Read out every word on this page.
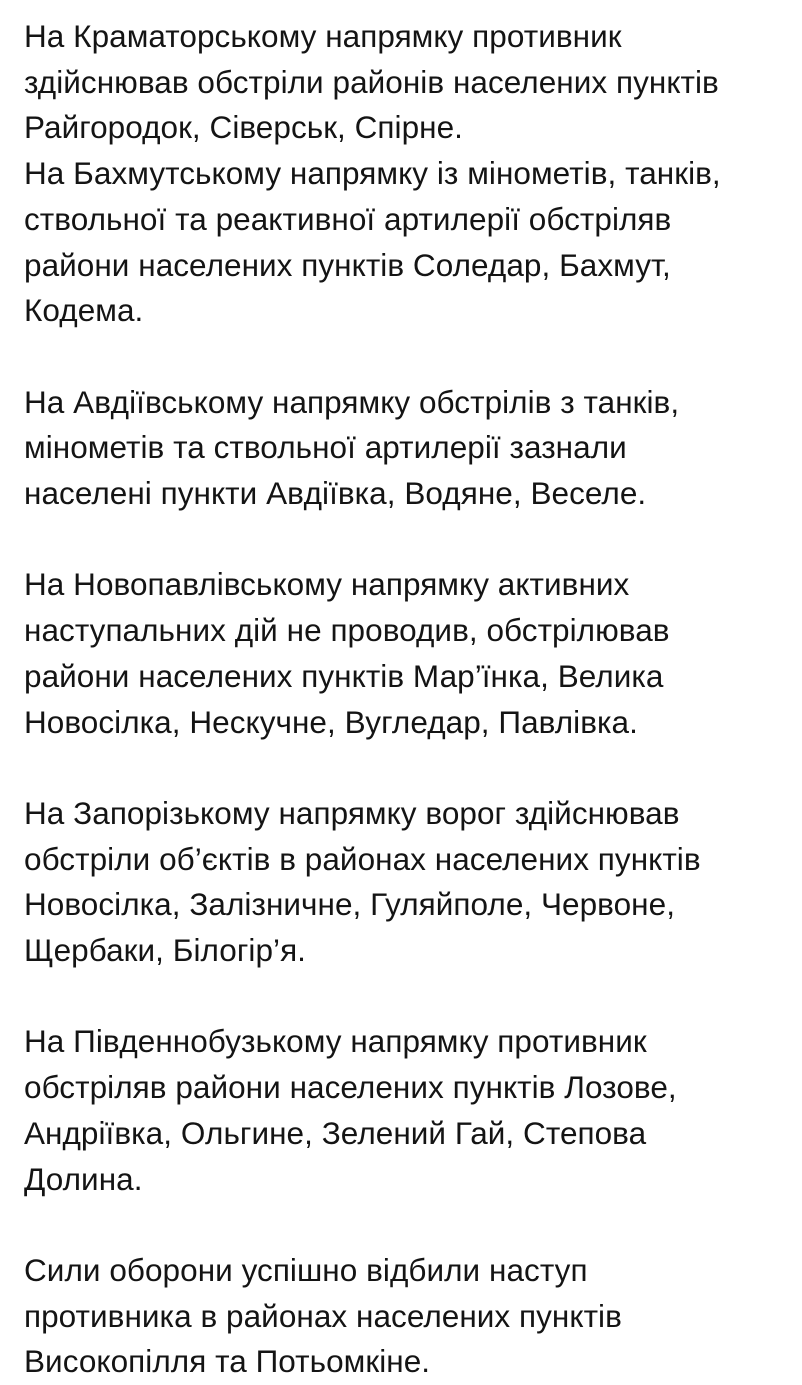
На Краматорському напрямку противник
здійснював обстріли районів населених пунктів
Райгородок, Сіверськ, Спірне.

На Бахмутському напрямку із мінометів, танків,
ствольної та реактивної артилерії обстріляв
райони населених пунктів Соледар, Бахмут,
Кодема.

На Авдіївському напрямку обстрілів з танків,
мінометів та ствольної артилерії зазнали
населені пункти Авдіївка, Водяне, Веселе.

На Новопавлівському напрямку активних
наступальних дій не проводив, обстрілював
райони населених пунктів Мар’їнка, Велика
Новосілка, Нескучне, Вугледар, Павлівка.

На Запорізькому напрямку ворог здійснював
обстріли об’єктів в районах населених пунктів
Новосілка, Залізничне, Гуляйполе, Червоне,
Щербаки, Білогір’я.

На Південнобузькому напрямку противник
обстріляв райони населених пунктів Лозове,
Андріївка, Ольгине, Зелений Гай, Степова
Долина.

Сили оборони успішно відбили наступ
противника в районах населених пунктів
Високопілля та Потьомкіне.
